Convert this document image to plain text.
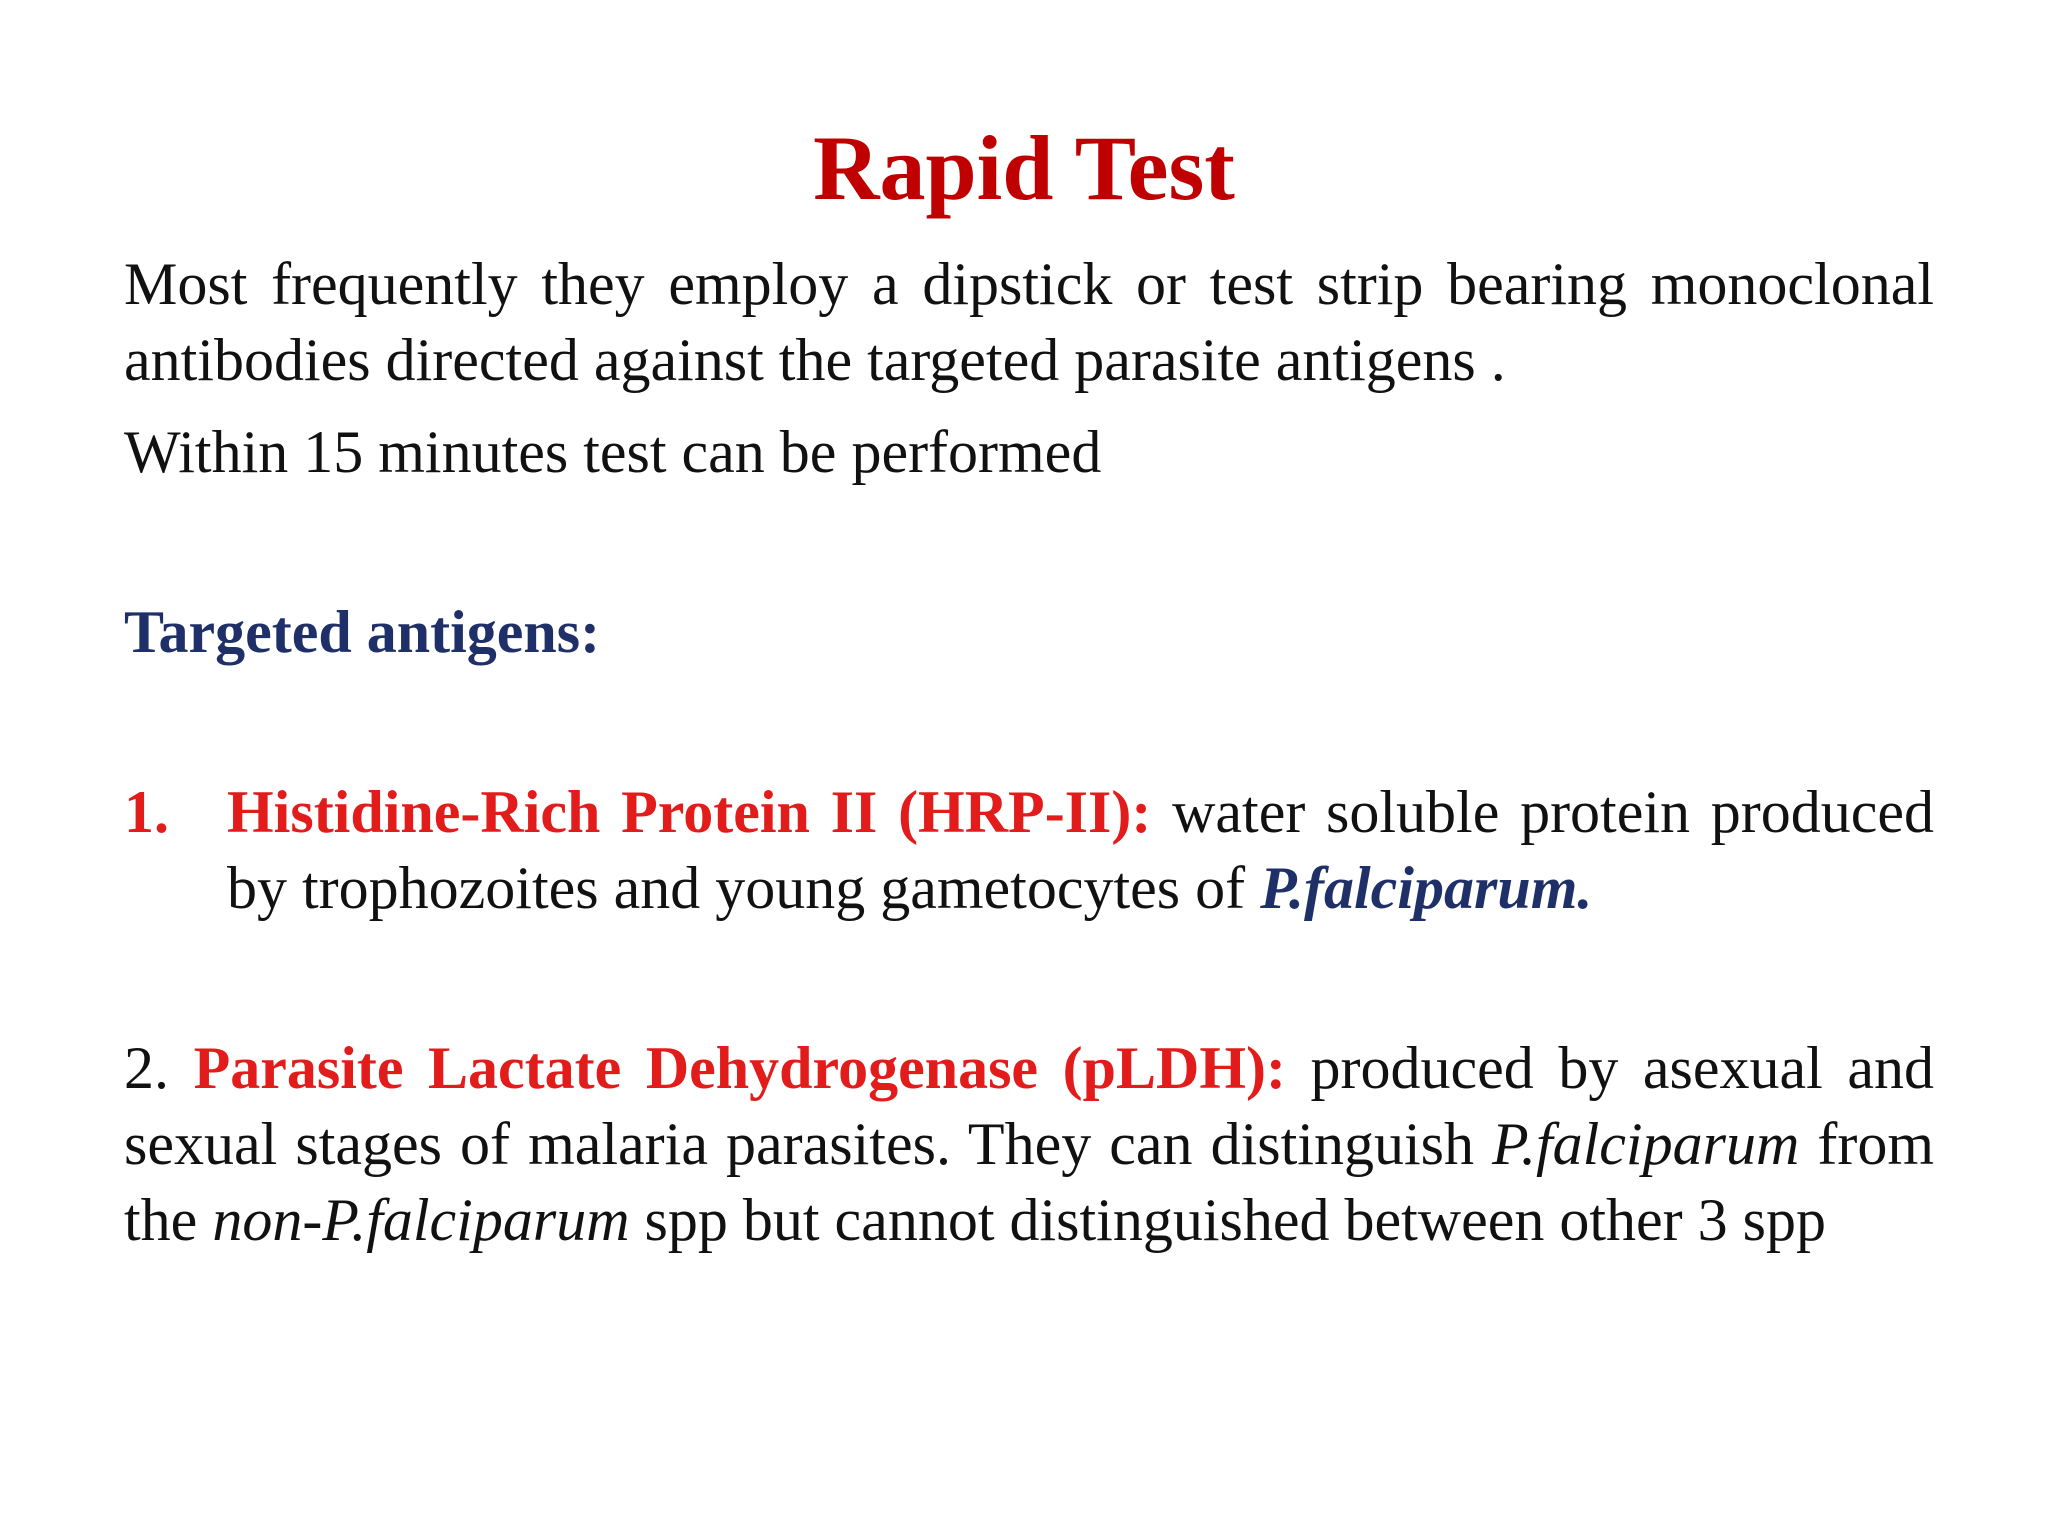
Rapid Test
Most frequently they employ a dipstick or test strip bearing monoclonal antibodies directed against the targeted parasite antigens .
Within 15 minutes test can be performed
Targeted antigens:
1. Histidine-Rich Protein II (HRP-II): water soluble protein produced by trophozoites and young gametocytes of P.falciparum.
2. Parasite Lactate Dehydrogenase (pLDH): produced by asexual and sexual stages of malaria parasites. They can distinguish P.falciparum from the non-P.falciparum spp but cannot distinguished between other 3 spp
